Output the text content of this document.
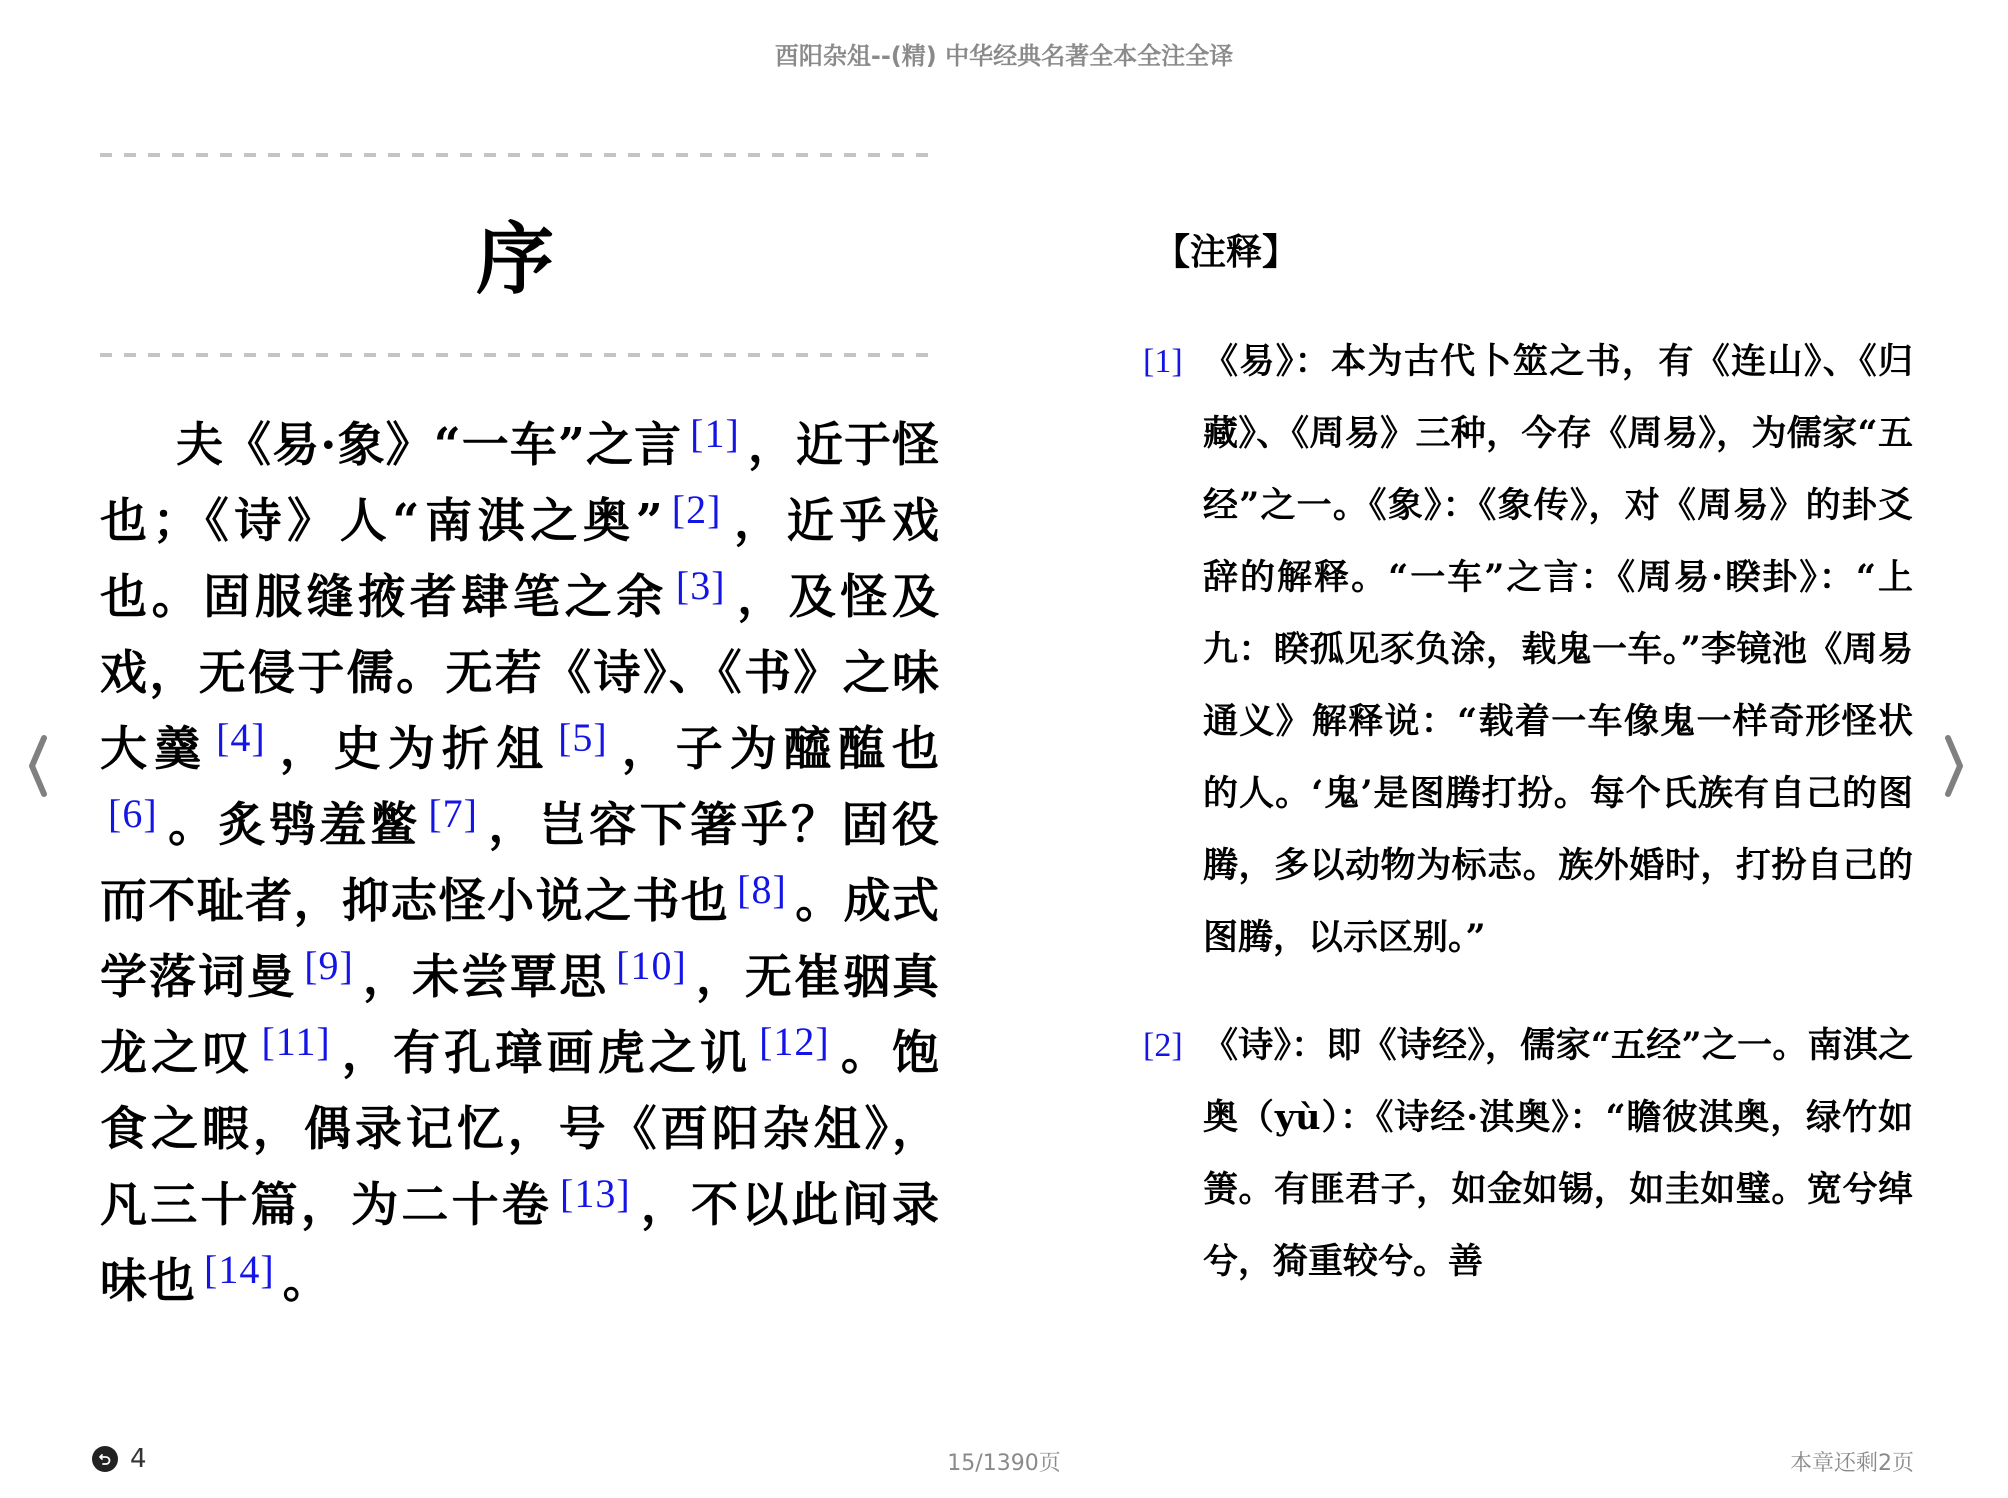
酉阳杂俎--(精) 中华经典名著全本全注全译
序
夫《易·象》“一车”之言 [1] ，近于怪也；《诗》人“南淇之奥” [2] ，近乎戏也。固服缝掖者肆笔之余 [3] ，及怪及戏，无侵于儒。无若《诗》、《书》之味大羹 [4] ，史为折俎 [5] ，子为醯醢也[6] 。炙鸮羞鳖 [7] ，岂容下箸乎？固役而不耻者，抑志怪小说之书也 [8] 。成式学落词曼 [9] ，未尝覃思 [10] ，无崔骃真龙之叹 [11] ，有孔璋画虎之讥 [12] 。饱食之暇，偶录记忆，号《酉阳杂俎》，凡三十篇，为二十卷 [13] ，不以此间录味也 [14] 。
【注释】
[1] 《易》：本为古代卜筮之书，有《连山》、《归藏》、《周易》三种，今存《周易》，为儒家“五经”之一。《象》：《象传》，对《周易》的卦爻辞的解释。“一车”之言：《周易·睽卦》：“上九：睽孤见豕负涂，载鬼一车。”李镜池《周易通义》解释说：“载着一车像鬼一样奇形怪状的人。‘鬼’是图腾打扮。每个氏族有自己的图腾，多以动物为标志。族外婚时，打扮自己的图腾，以示区别。”
[2] 《诗》：即《诗经》，儒家“五经”之一。南淇之奥（yù）：《诗经·淇奥》：“瞻彼淇奥，绿竹如箦。有匪君子，如金如锡，如圭如璧。宽兮绰兮，猗重较兮。善
4	15/1390页	本章还剩2页
